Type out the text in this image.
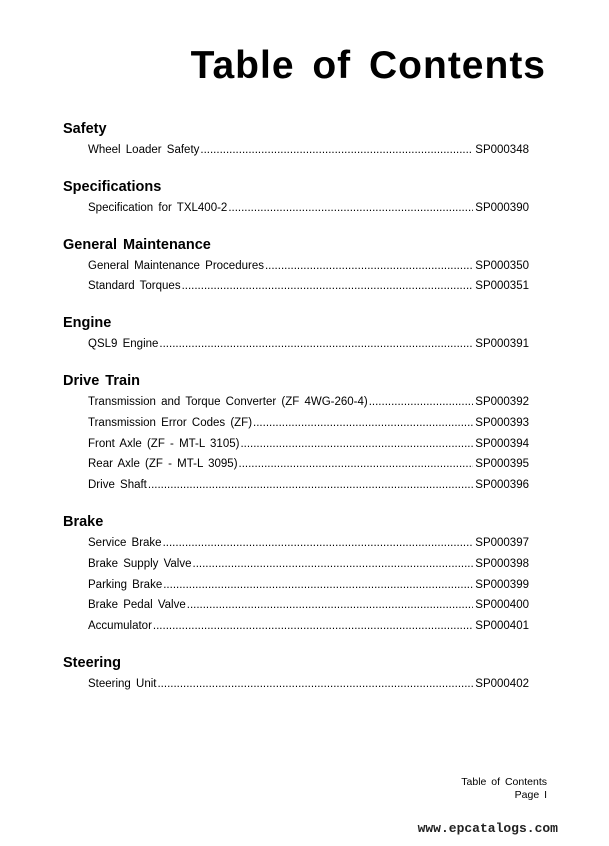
Table of Contents
Safety
Wheel Loader Safety .....	SP000348
Specifications
Specification for TXL400-2 .....	SP000390
General Maintenance
General Maintenance Procedures .....	SP000350
Standard Torques .....	SP000351
Engine
QSL9 Engine .....	SP000391
Drive Train
Transmission and Torque Converter (ZF 4WG-260-4) .....	SP000392
Transmission Error Codes (ZF) .....	SP000393
Front Axle (ZF - MT-L 3105) .....	SP000394
Rear Axle (ZF - MT-L 3095) .....	SP000395
Drive Shaft .....	SP000396
Brake
Service Brake .....	SP000397
Brake Supply Valve .....	SP000398
Parking Brake .....	SP000399
Brake Pedal Valve .....	SP000400
Accumulator .....	SP000401
Steering
Steering Unit .....	SP000402
Table of Contents
Page I
www.epcatalogs.com
